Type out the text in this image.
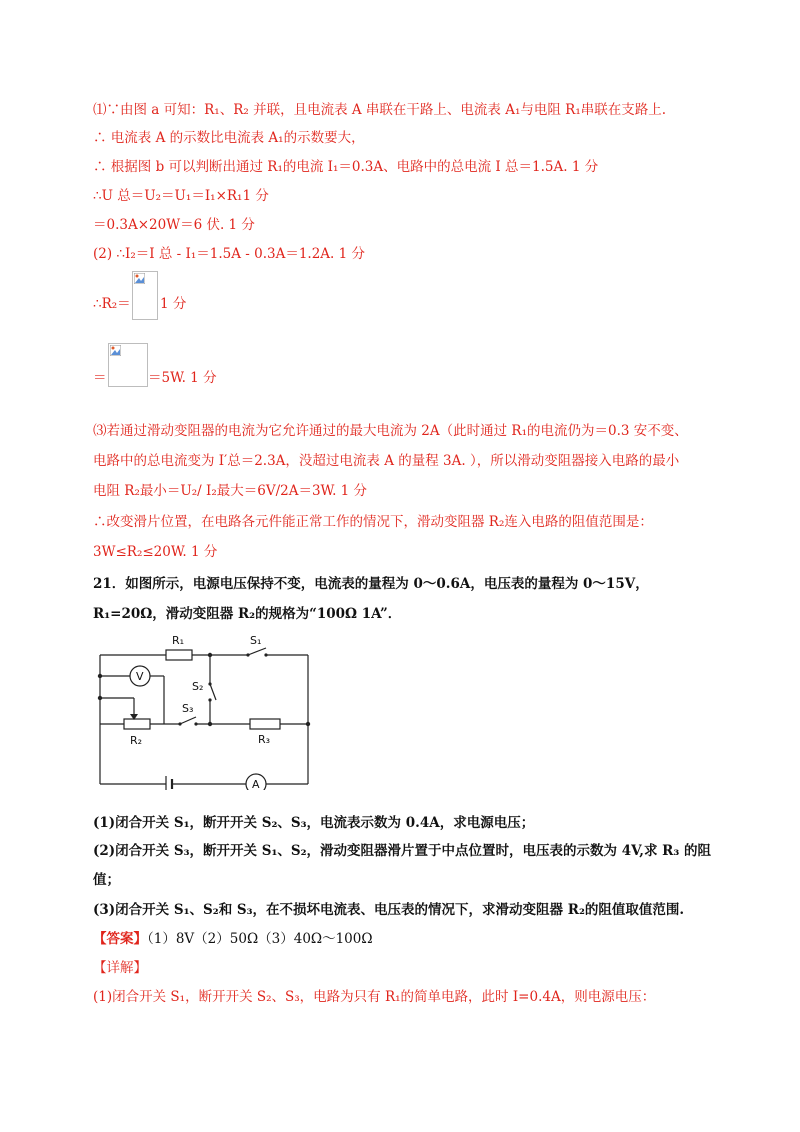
⑴∵由图 a 可知：R₁、R₂ 并联，且电流表 A 串联在干路上、电流表 A₁与电阻 R₁串联在支路上.
∴ 电流表 A 的示数比电流表 A₁的示数要大，
∴ 根据图 b 可以判断出通过 R₁的电流 I₁＝0.3A、电路中的总电流 I 总＝1.5A. 1 分
∴U 总＝U₂＝U₁＝I₁×R₁1 分
＝0.3A×20W＝6 伏. 1 分
(2) ∴I₂＝I 总 - I₁＝1.5A - 0.3A＝1.2A. 1 分
∴R₂＝ 1 分
＝	＝5W. 1 分
⑶若通过滑动变阻器的电流为它允许通过的最大电流为 2A（此时通过 R₁的电流仍为＝0.3 安不变、
电路中的总电流变为 I′总＝2.3A，没超过电流表 A 的量程 3A. ），所以滑动变阻器接入电路的最小
电阻 R₂最小＝U₂/ I₂最大＝6V/2A＝3W. 1 分
∴改变滑片位置，在电路各元件能正常工作的情况下，滑动变阻器 R₂连入电路的阻值范围是：
3W≤R₂≤20W. 1 分
21．如图所示，电源电压保持不变，电流表的量程为 0～0.6A，电压表的量程为 0～15V，
R₁=20Ω，滑动变阻器 R₂的规格为“100Ω 1A”．
R₁	S₁
V
S₂
S₃
R₂	R₃
A
(1)闭合开关 S₁，断开开关 S₂、S₃，电流表示数为 0.4A，求电源电压；
(2)闭合开关 S₃，断开开关 S₁、S₂，滑动变阻器滑片置于中点位置时，电压表的示数为 4V,求 R₃ 的阻
值；
(3)闭合开关 S₁、S₂和 S₃，在不损坏电流表、电压表的情况下，求滑动变阻器 R₂的阻值取值范围.
【答案】（1）8V（2）50Ω（3）40Ω～100Ω
【详解】
(1)闭合开关 S₁，断开开关 S₂、S₃，电路为只有 R₁的简单电路，此时 I=0.4A，则电源电压：
